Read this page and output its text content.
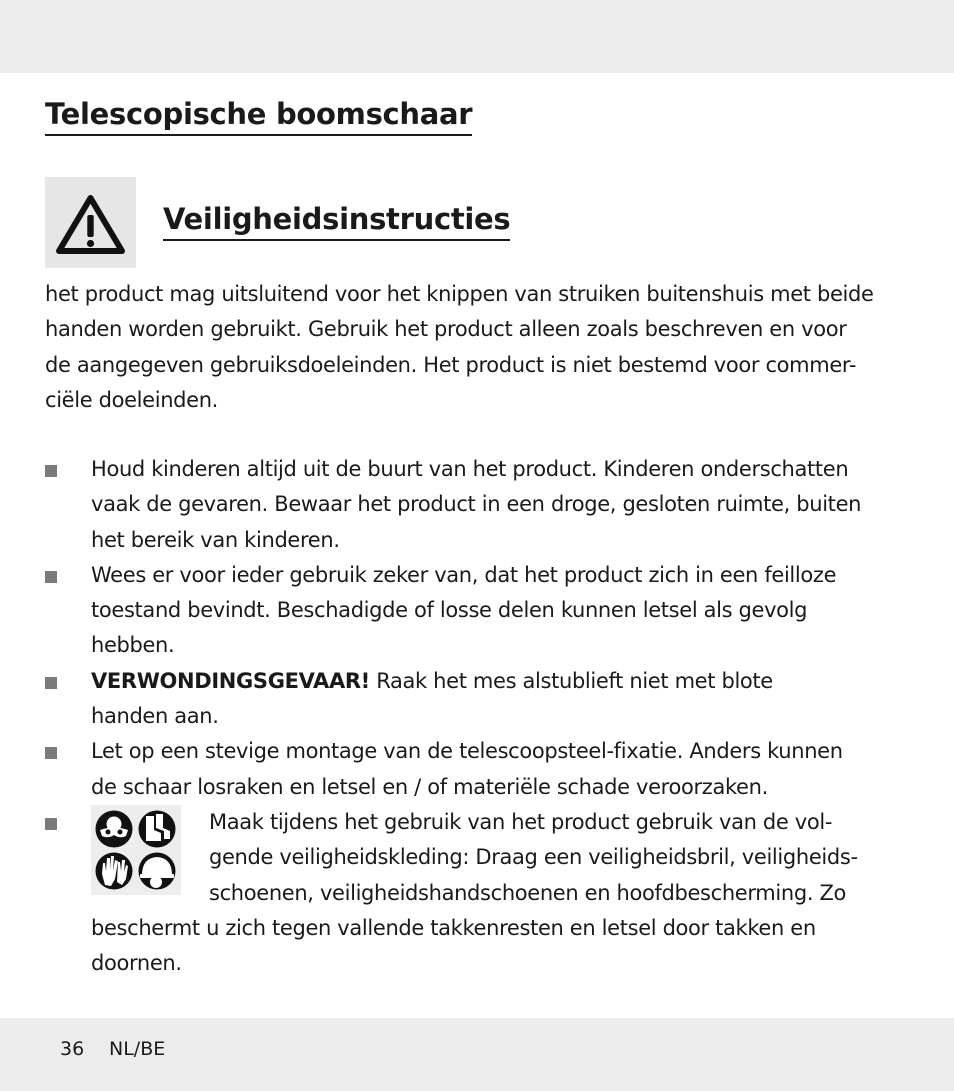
Telescopische boomschaar
Veiligheidsinstructies

het product mag uitsluitend voor het knippen van struiken buitenshuis met beide
handen worden gebruikt. Gebruik het product alleen zoals beschreven en voor
de aangegeven gebruiksdoeleinden. Het product is niet bestemd voor commer-
ciële doeleinden.

Houd kinderen altijd uit de buurt van het product. Kinderen onderschatten
vaak de gevaren. Bewaar het product in een droge, gesloten ruimte, buiten
het bereik van kinderen.
Wees er voor ieder gebruik zeker van, dat het product zich in een feilloze
toestand bevindt. Beschadigde of losse delen kunnen letsel als gevolg
hebben.
VERWONDINGSGEVAAR! Raak het mes alstublieft niet met blote
handen aan.
Let op een stevige montage van de telescoopsteel-fixatie. Anders kunnen
de schaar losraken en letsel en / of materiële schade veroorzaken.
Maak tijdens het gebruik van het product gebruik van de vol-
gende veiligheidskleding: Draag een veiligheidsbril, veiligheids-
schoenen, veiligheidshandschoenen en hoofdbescherming. Zo
beschermt u zich tegen vallende takkenresten en letsel door takken en
doornen.
36 NL/BE
